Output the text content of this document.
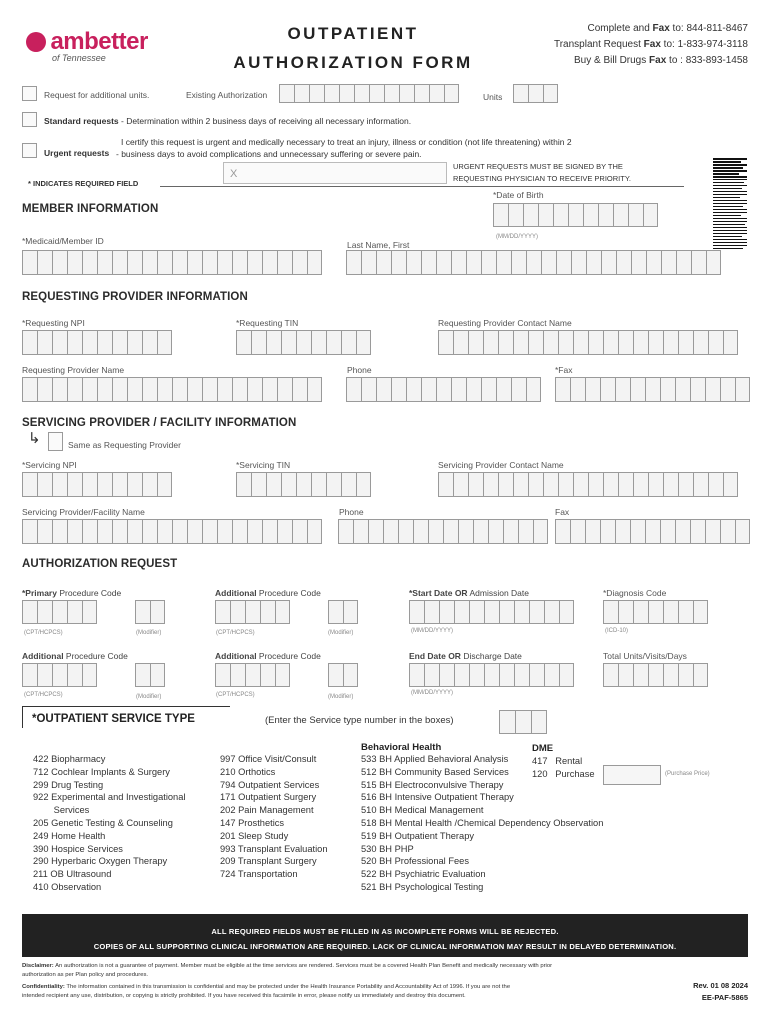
ambetter
of Tennessee
OUTPATIENT
AUTHORIZATION FORM
Complete and Fax to: 844-811-8467
Transplant Request Fax to: 1-833-974-3118
Buy & Bill Drugs Fax to : 833-893-1458
Request for additional units.	Existing Authorization	Units
Standard requests - Determination within 2 business days of receiving all necessary information.
Urgent requests
I certify this request is urgent and medically necessary to treat an injury, illness or condition (not life threatening) within 2
- business days to avoid complications and unnecessary suffering or severe pain.
X
URGENT REQUESTS MUST BE SIGNED BY THE
REQUESTING PHYSICIAN TO RECEIVE PRIORITY.
* INDICATES REQUIRED FIELD
*Date of Birth
MEMBER INFORMATION
(MM/DD/YYYY)
*Medicaid/Member ID	Last Name, First
REQUESTING PROVIDER INFORMATION
*Requesting NPI	*Requesting TIN	Requesting Provider Contact Name
Requesting Provider Name	Phone	*Fax
SERVICING PROVIDER / FACILITY INFORMATION
↳	Same as Requesting Provider
*Servicing NPI	*Servicing TIN	Servicing Provider Contact Name
Servicing Provider/Facility Name	Phone	Fax
AUTHORIZATION REQUEST
*Primary Procedure Code	Additional Procedure Code	*Start Date OR Admission Date	*Diagnosis Code
(CPT/HCPCS)	(Modifier)	(CPT/HCPCS)	(Modifier)	(MM/DD/YYYY)	(ICD-10)
Additional Procedure Code	Additional Procedure Code	End Date OR Discharge Date	Total Units/Visits/Days
(CPT/HCPCS)	(Modifier)	(CPT/HCPCS)	(Modifier)
(MM/DD/YYYY)
*OUTPATIENT SERVICE TYPE	(Enter the Service type number in the boxes)
422 Biopharmacy
712 Cochlear Implants & Surgery
299 Drug Testing
922 Experimental and Investigational
Services
205 Genetic Testing & Counseling
249 Home Health
390 Hospice Services
290 Hyperbaric Oxygen Therapy
211 OB Ultrasound
410 Observation
997 Office Visit/Consult
210 Orthotics
794 Outpatient Services
171 Outpatient Surgery
202 Pain Management
147 Prosthetics
201 Sleep Study
993 Transplant Evaluation
209 Transplant Surgery
724 Transportation
Behavioral Health
533 BH Applied Behavioral Analysis
512 BH Community Based Services
515 BH Electroconvulsive Therapy
516 BH Intensive Outpatient Therapy
510 BH Medical Management
518 BH Mental Health /Chemical Dependency Observation
519 BH Outpatient Therapy
530 BH PHP
520 BH Professional Fees
522 BH Psychiatric Evaluation
521 BH Psychological Testing
DME
417   Rental
120   Purchase	(Purchase Price)
ALL REQUIRED FIELDS MUST BE FILLED IN AS INCOMPLETE FORMS WILL BE REJECTED.
COPIES OF ALL SUPPORTING CLINICAL INFORMATION ARE REQUIRED. LACK OF CLINICAL INFORMATION MAY RESULT IN DELAYED DETERMINATION.
Disclaimer: An authorization is not a guarantee of payment. Member must be eligible at the time services are rendered. Services must be a covered Health Plan Benefit and medically necessary with prior
authorization as per Plan policy and procedures.
Confidentiality: The information contained in this transmission is confidential and may be protected under the Health Insurance Portability and Accountability Act of 1996. If you are not the
intended recipient any use, distribution, or copying is strictly prohibited. If you have received this facsimile in error, please notify us immediately and destroy this document.
Rev. 01 08 2024
EE-PAF-5865
